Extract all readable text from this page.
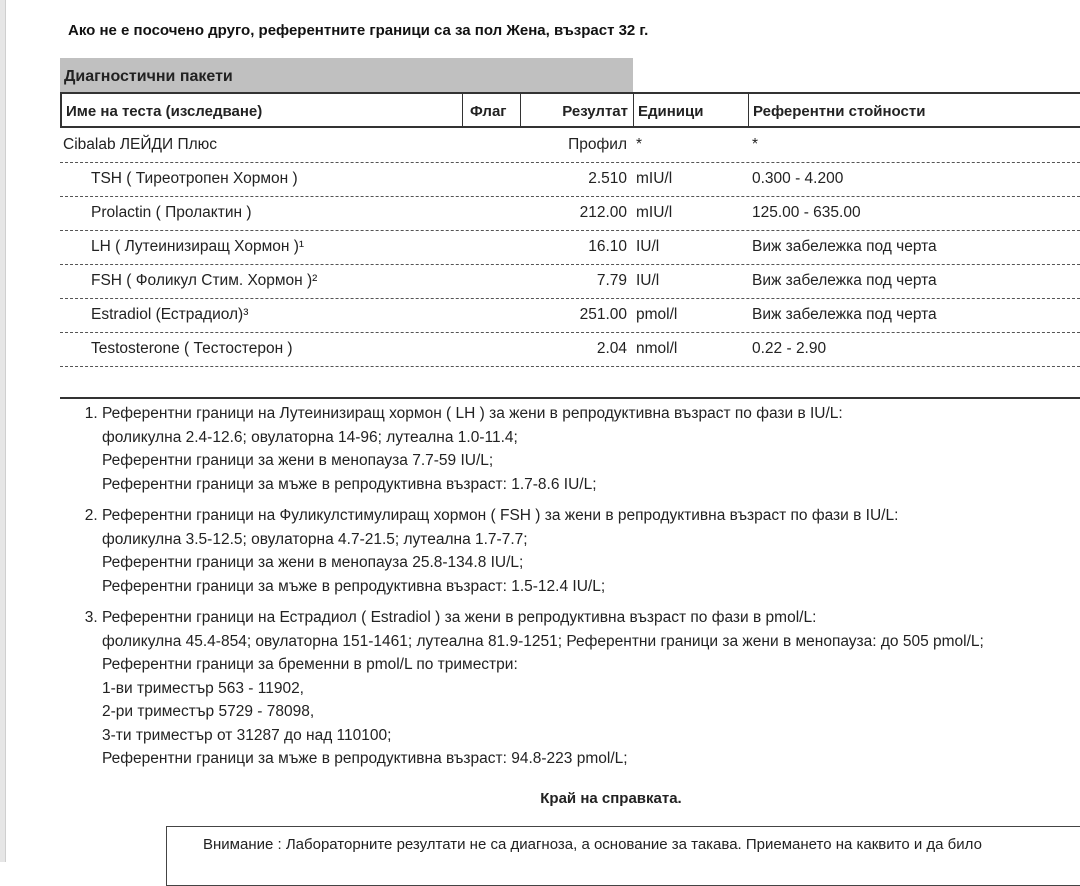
Ако не е посочено друго, референтните граници са за пол Жена, възраст 32 г.
Диагностични пакети
Име на теста (изследване)	Флаг	Резултат Единици	Референтни стойности
Cibalab ЛЕЙДИ Плюс	Профил *	*
TSH ( Тиреотропен Хормон )	2.510 mIU/l	0.300 - 4.200
Prolactin ( Пролактин )	212.00 mIU/l	125.00 - 635.00
LH ( Лутеинизиращ Хормон )¹	16.10 IU/l	Виж забележка под черта
FSH ( Фоликул Стим. Хормон )²	7.79 IU/l	Виж забележка под черта
Estradiol (Естрадиол)³	251.00 pmol/l	Виж забележка под черта
Testosterone ( Тестостерон )	2.04 nmol/l	0.22 - 2.90
1. Референтни граници на Лутеинизиращ хормон ( LH ) за жени в репродуктивна възраст по фази в IU/L:
фоликулна 2.4-12.6; овулаторна 14-96; лутеална 1.0-11.4;
Референтни граници за жени в менопауза 7.7-59 IU/L;
Референтни граници за мъже в репродуктивна възраст: 1.7-8.6 IU/L;
2. Референтни граници на Фуликулстимулиращ хормон ( FSH ) за жени в репродуктивна възраст по фази в IU/L:
фоликулна 3.5-12.5; овулаторна 4.7-21.5; лутеална 1.7-7.7;
Референтни граници за жени в менопауза 25.8-134.8 IU/L;
Референтни граници за мъже в репродуктивна възраст: 1.5-12.4 IU/L;
3. Референтни граници на Естрадиол ( Estradiol ) за жени в репродуктивна възраст по фази в pmol/L:
фоликулна 45.4-854; овулаторна 151-1461; лутеална 81.9-1251; Референтни граници за жени в менопауза: до 505 pmol/L;
Референтни граници за бременни в pmol/L по триместри:
1-ви триместър 563 - 11902,
2-ри триместър 5729 - 78098,
3-ти триместър от 31287 до над 110100;
Референтни граници за мъже в репродуктивна възраст: 94.8-223 pmol/L;
Край на справката.
Внимание : Лабораторните резултати не са диагноза, а основание за такава. Приемането на каквито и да било
